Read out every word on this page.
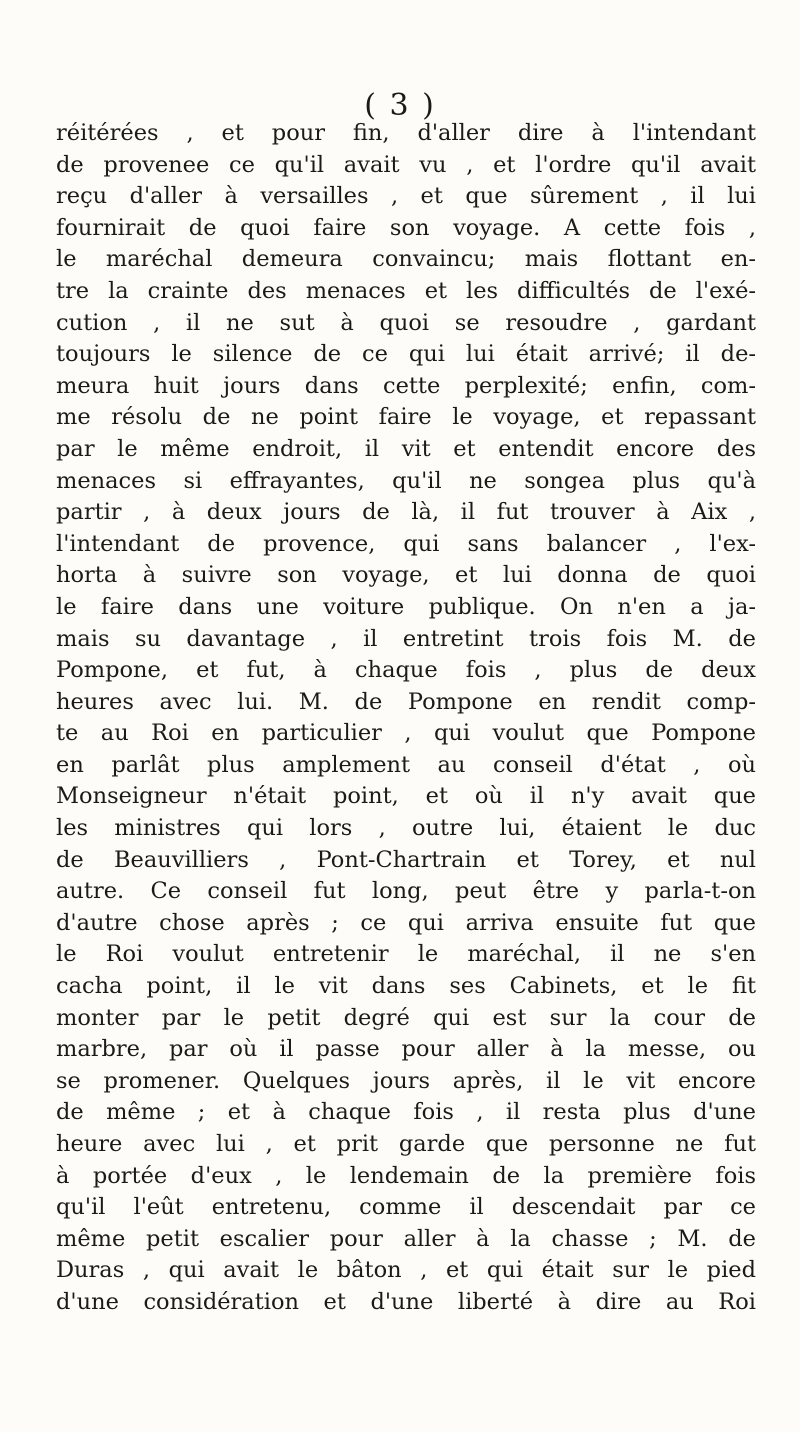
( 3 )
réitérées , et pour fin, d'aller dire à l'intendant
de provenee ce qu'il avait vu , et l'ordre qu'il avait
reçu d'aller à versailles , et que sûrement , il lui
fournirait de quoi faire son voyage. A cette fois ,
le maréchal demeura convaincu; mais flottant en-
tre la crainte des menaces et les difficultés de l'exé-
cution , il ne sut à quoi se resoudre , gardant
toujours le silence de ce qui lui était arrivé; il de-
meura huit jours dans cette perplexité; enfin, com-
me résolu de ne point faire le voyage, et repassant
par le même endroit, il vit et entendit encore des
menaces si effrayantes, qu'il ne songea plus qu'à
partir , à deux jours de là, il fut trouver à Aix ,
l'intendant de provence, qui sans balancer , l'ex-
horta à suivre son voyage, et lui donna de quoi
le faire dans une voiture publique. On n'en a ja-
mais su davantage , il entretint trois fois M. de
Pompone, et fut, à chaque fois , plus de deux
heures avec lui. M. de Pompone en rendit comp-
te au Roi en particulier , qui voulut que Pompone
en parlât plus amplement au conseil d'état , où
Monseigneur n'était point, et où il n'y avait que
les ministres qui lors , outre lui, étaient le duc
de Beauvilliers , Pont-Chartrain et Torey, et nul
autre. Ce conseil fut long, peut être y parla-t-on
d'autre chose après ; ce qui arriva ensuite fut que
le Roi voulut entretenir le maréchal, il ne s'en
cacha point, il le vit dans ses Cabinets, et le fit
monter par le petit degré qui est sur la cour de
marbre, par où il passe pour aller à la messe, ou
se promener. Quelques jours après, il le vit encore
de même ; et à chaque fois , il resta plus d'une
heure avec lui , et prit garde que personne ne fut
à portée d'eux , le lendemain de la première fois
qu'il l'eût entretenu, comme il descendait par ce
même petit escalier pour aller à la chasse ; M. de
Duras , qui avait le bâton , et qui était sur le pied
d'une considération et d'une liberté à dire au Roi
